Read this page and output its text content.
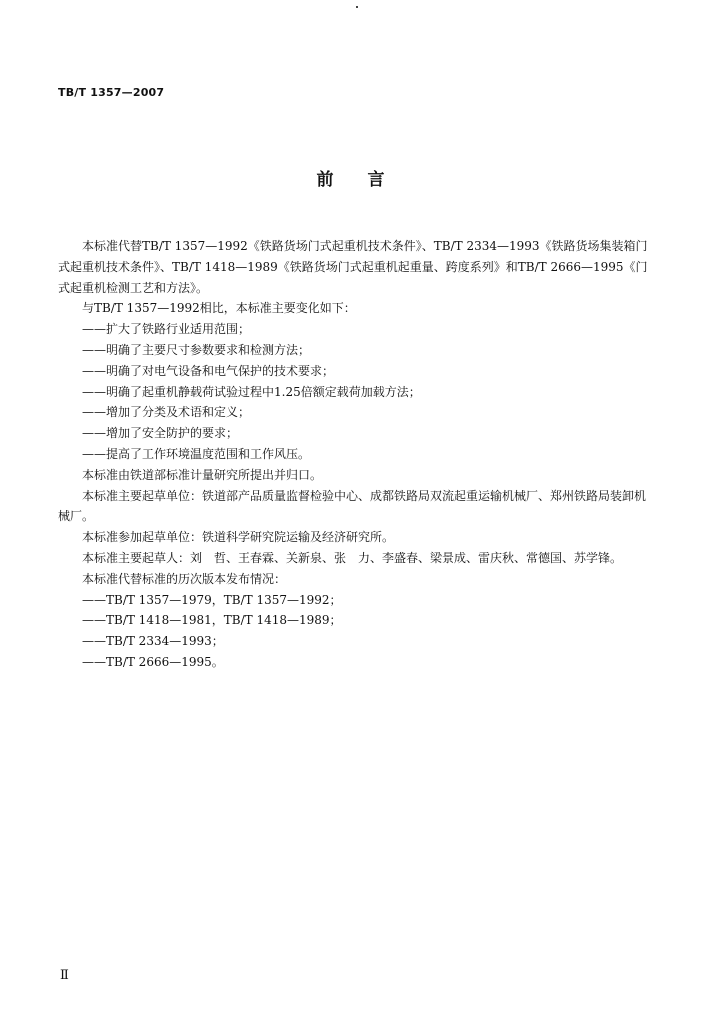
TB/T 1357—2007
前 言

本标准代替TB/T 1357—1992《铁路货场门式起重机技术条件》、TB/T 2334—1993《铁路货场集装箱门式起重机技术条件》、TB/T 1418—1989《铁路货场门式起重机起重量、跨度系列》和TB/T 2666—1995《门式起重机检测工艺和方法》。

与TB/T 1357—1992相比，本标准主要变化如下：

——扩大了铁路行业适用范围；

——明确了主要尺寸参数要求和检测方法；

——明确了对电气设备和电气保护的技术要求；

——明确了起重机静载荷试验过程中1.25倍额定载荷加载方法；

——增加了分类及术语和定义；

——增加了安全防护的要求；

——提高了工作环境温度范围和工作风压。

本标准由铁道部标准计量研究所提出并归口。

本标准主要起草单位：铁道部产品质量监督检验中心、成都铁路局双流起重运输机械厂、郑州铁路局装卸机械厂。

本标准参加起草单位：铁道科学研究院运输及经济研究所。

本标准主要起草人：刘　哲、王春霖、关新泉、张　力、李盛春、梁景成、雷庆秋、常德国、苏学锋。

本标准代替标准的历次版本发布情况：

——TB/T 1357—1979，TB/T 1357—1992；

——TB/T 1418—1981，TB/T 1418—1989；

——TB/T 2334—1993；

——TB/T 2666—1995。

Ⅱ
